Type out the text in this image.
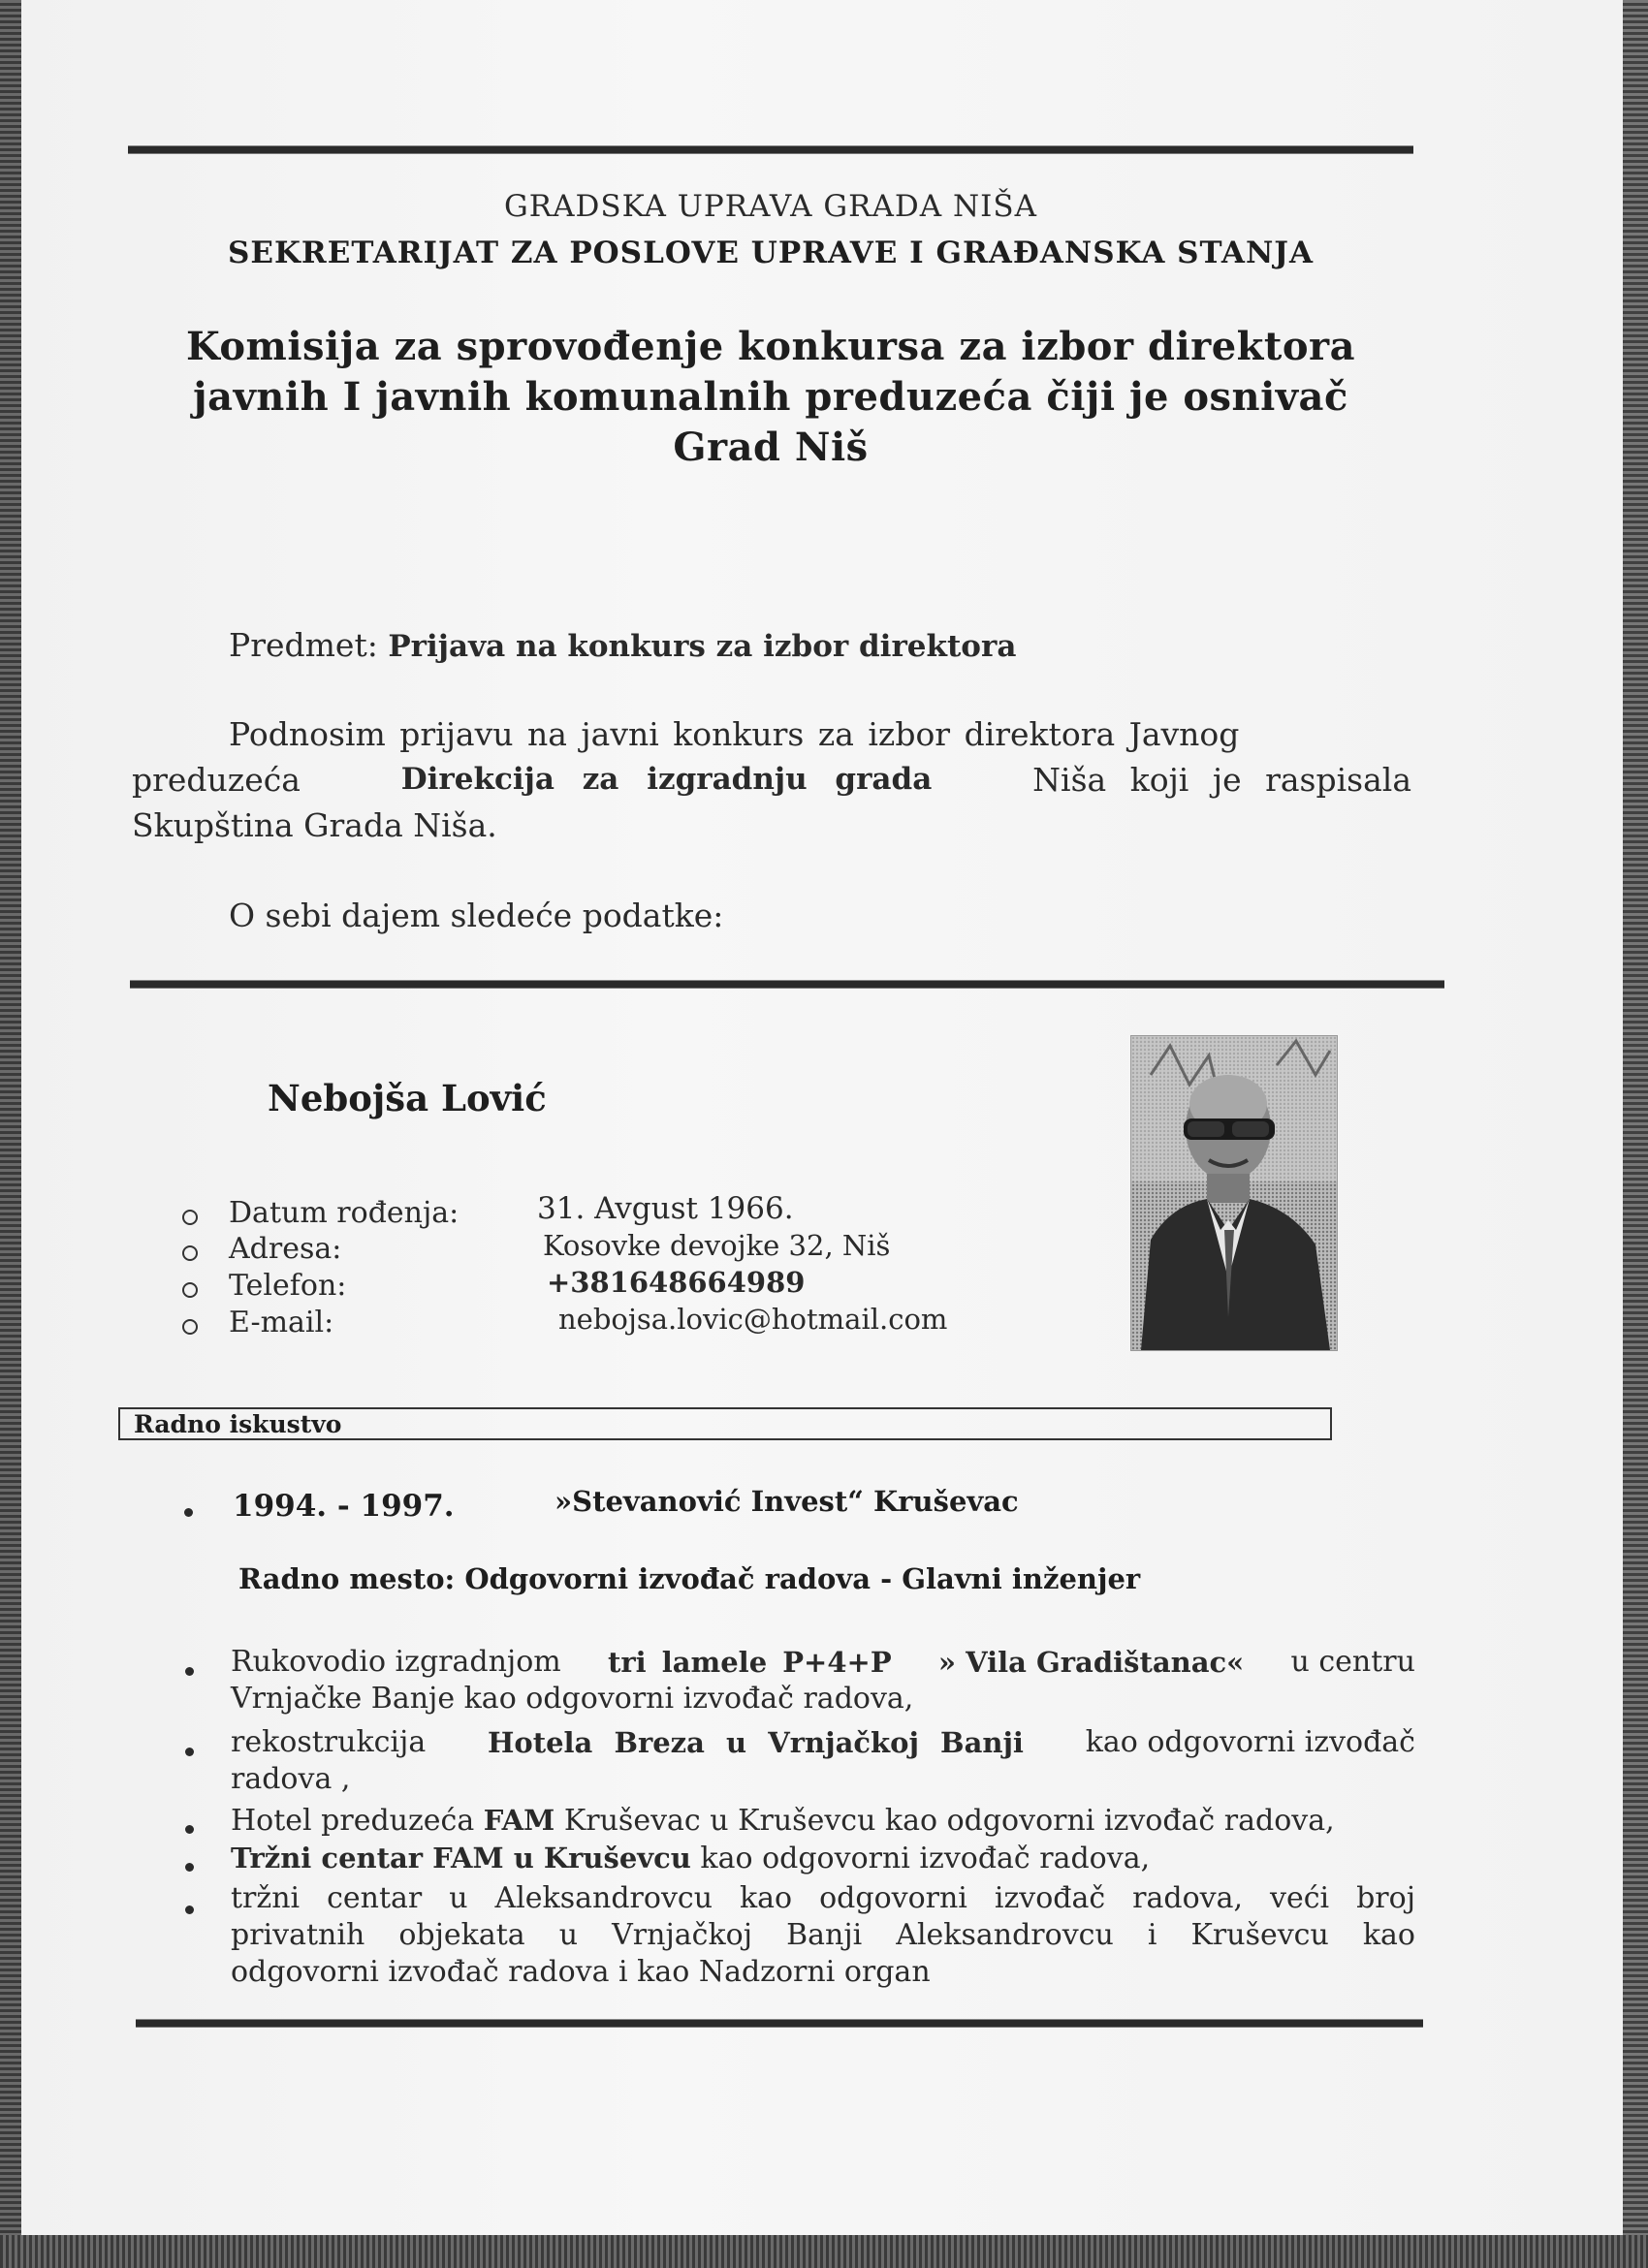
GRADSKA UPRAVA GRADA NIŠA
SEKRETARIJAT ZA POSLOVE UPRAVE I GRAĐANSKA STANJA
Komisija za sprovođenje konkursa za izbor direktora
javnih I javnih komunalnih preduzeća čiji je osnivač
Grad Niš
Predmet: Prijava na konkurs za izbor direktora
Podnosim prijavu na javni konkurs za izbor direktora Javnog
preduzeća	Direkcija za izgradnju grada	Niša koji je raspisala
Skupština Grada Niša.
O sebi dajem sledeće podatke:
Nebojša Lović
Datum rođenja:	31. Avgust 1966.
Adresa:	Kosovke devojke 32, Niš
Telefon:	+381648664989
E-mail:	nebojsa.lovic@hotmail.com
Radno iskustvo
1994. - 1997.	»Stevanović Invest“ Kruševac
Radno mesto: Odgovorni izvođač radova - Glavni inženjer
Rukovodio izgradnjom tri lamele P+4+P » Vila Gradištanac« u centru
Vrnjačke Banje kao odgovorni izvođač radova,
rekostrukcija Hotela Breza u Vrnjačkoj Banji kao odgovorni izvođač
radova ,
Hotel preduzeća FAM Kruševac u Kruševcu kao odgovorni izvođač radova,
Tržni centar FAM u Kruševcu kao odgovorni izvođač radova,
tržni centar u Aleksandrovcu kao odgovorni izvođač radova, veći broj
privatnih objekata u Vrnjačkoj Banji Aleksandrovcu i Kruševcu kao
odgovorni izvođač radova i kao Nadzorni organ
